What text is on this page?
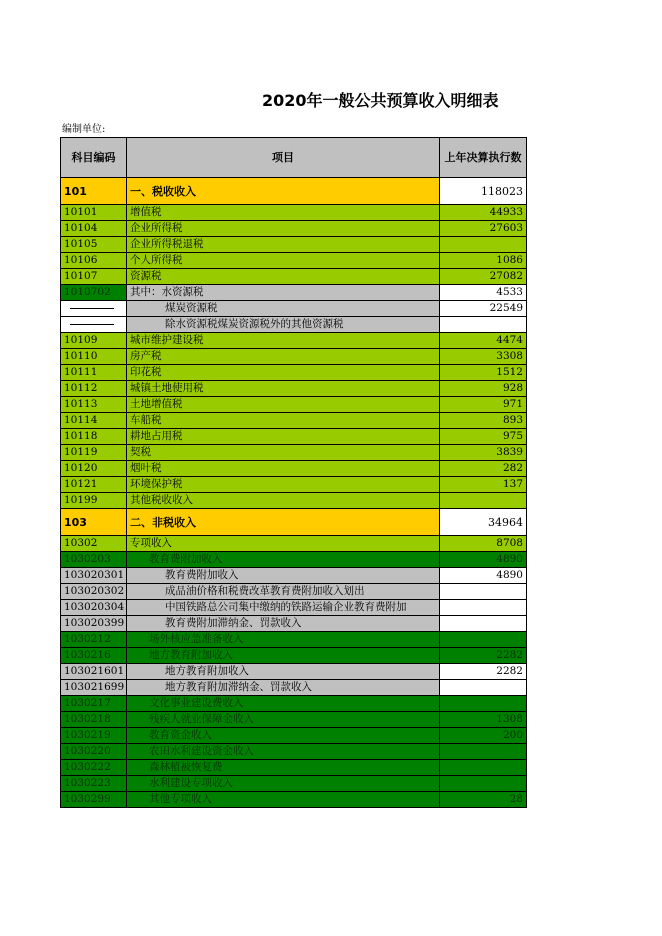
2020年一般公共预算收入明细表
编制单位:
科目编码	项目	上年决算执行数
101	一、税收收入	118023
10101	增值税	44933
10104	企业所得税	27603
10105	企业所得税退税	
10106	个人所得税	1086
10107	资源税	27082
1010702	其中：水资源税	4533
	煤炭资源税	22549
	除水资源税煤炭资源税外的其他资源税	
10109	城市维护建设税	4474
10110	房产税	3308
10111	印花税	1512
10112	城镇土地使用税	928
10113	土地增值税	971
10114	车船税	893
10118	耕地占用税	975
10119	契税	3839
10120	烟叶税	282
10121	环境保护税	137
10199	其他税收收入	
103	二、非税收入	34964
10302	专项收入	8708
1030203	教育费附加收入	4890
103020301	教育费附加收入	4890
103020302	成品油价格和税费改革教育费附加收入划出	
103020304	中国铁路总公司集中缴纳的铁路运输企业教育费附加	
103020399	教育费附加滞纳金、罚款收入	
1030212	场外核应急准备收入	
1030216	地方教育附加收入	2282
103021601	地方教育附加收入	2282
103021699	地方教育附加滞纳金、罚款收入	
1030217	文化事业建设费收入	
1030218	残疾人就业保障金收入	1308
1030219	教育资金收入	200
1030220	农田水利建设资金收入	
1030222	森林植被恢复费	
1030223	水利建设专项收入	
1030299	其他专项收入	28
